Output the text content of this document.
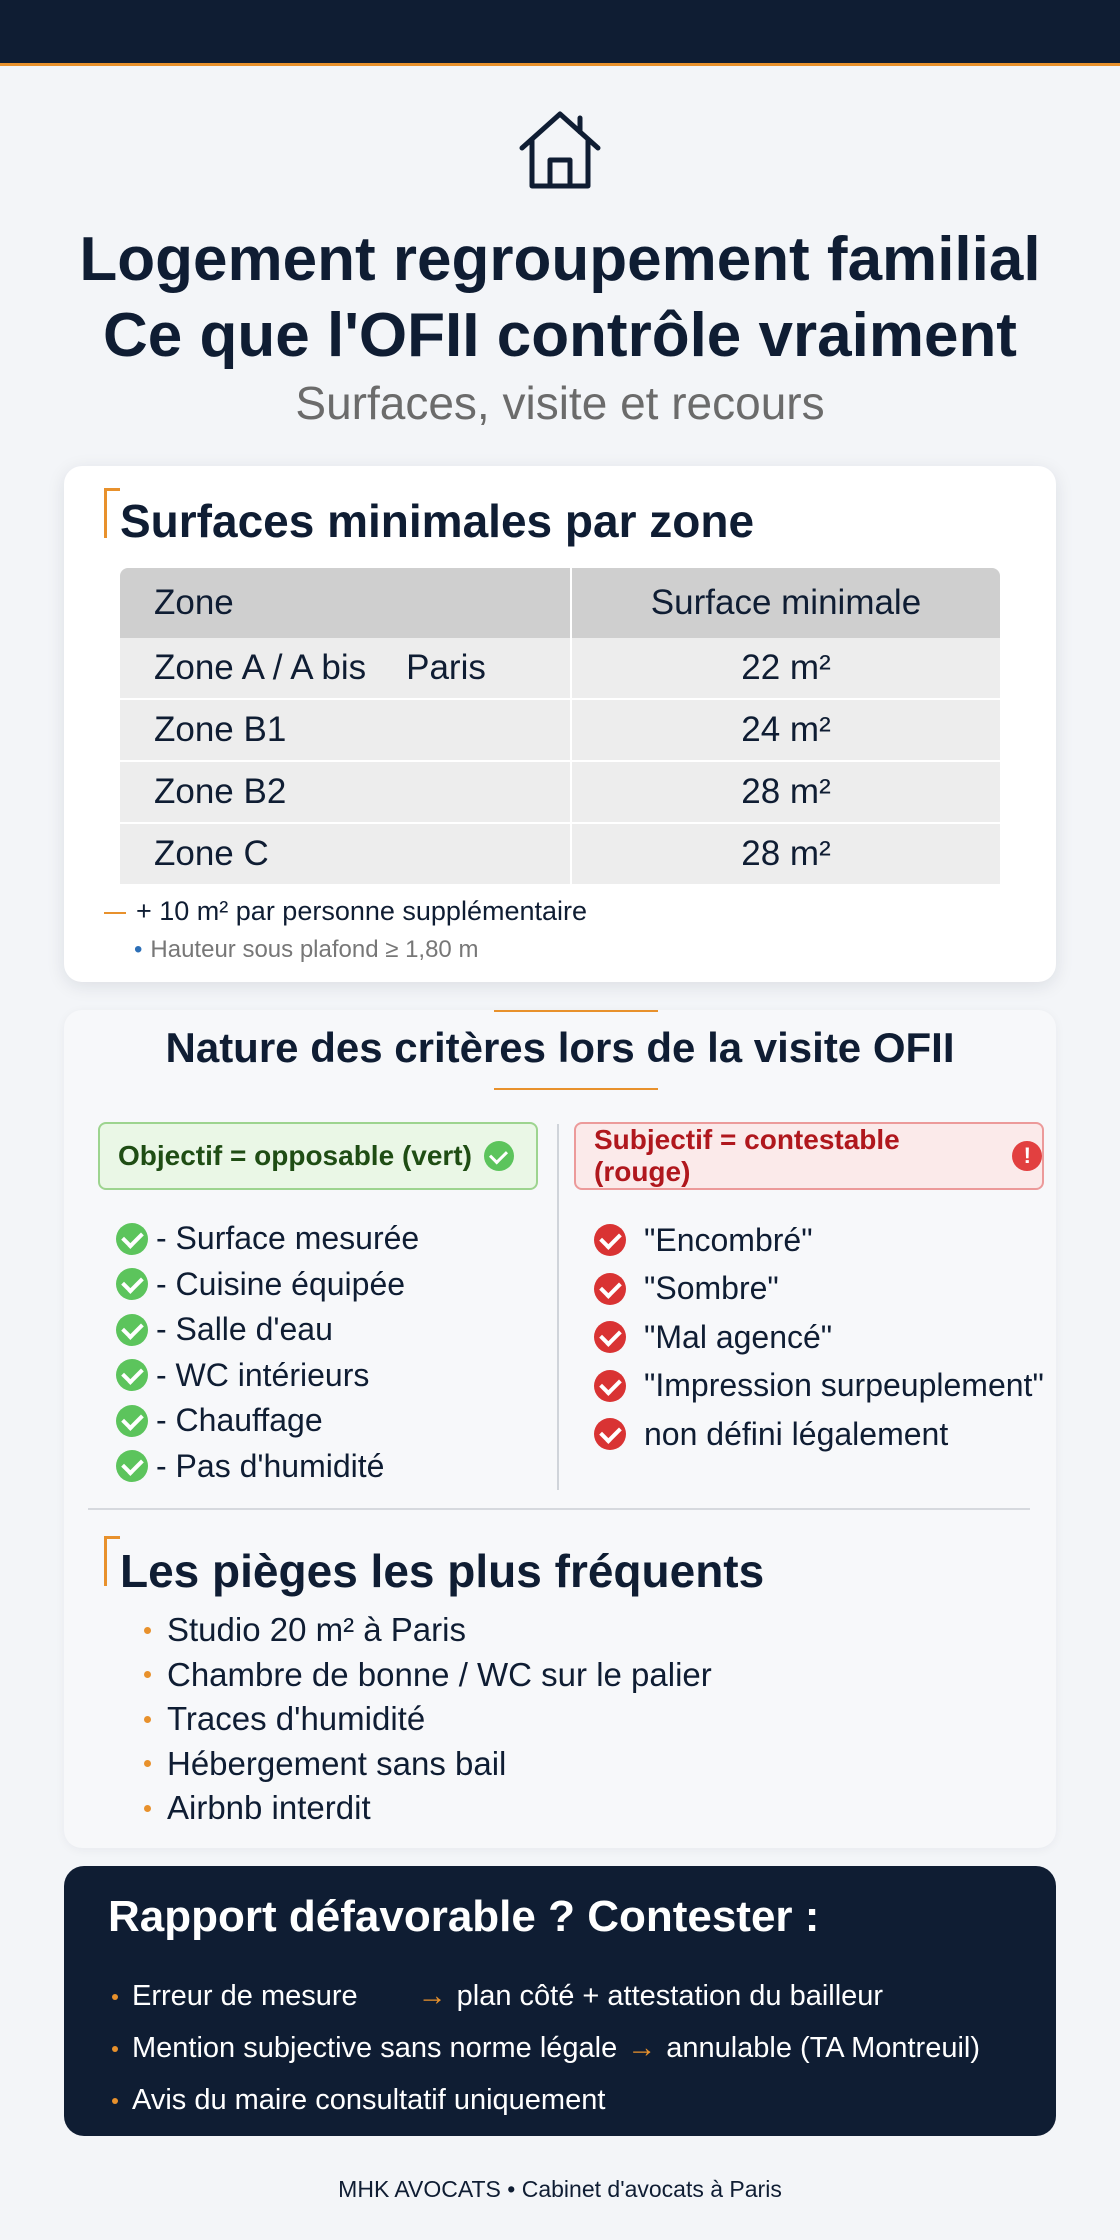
Logement regroupement familial
Ce que l'OFII contrôle vraiment
Surfaces, visite et recours
Surfaces minimales par zone
Zone	Surface minimale
Zone A / A bis Paris	22 m²
Zone B1	24 m²
Zone B2	28 m²
Zone C	28 m²
+ 10 m² par personne supplémentaire
• Hauteur sous plafond ≥ 1,80 m
Nature des critères lors de la visite OFII
Objectif = opposable (vert)
Subjectif = contestable (rouge)
!
- Surface mesurée
- Cuisine équipée
- Salle d'eau
- WC intérieurs
- Chauffage
- Pas d'humidité
"Encombré"
"Sombre"
"Mal agencé"
"Impression surpeuplement"
non défini légalement
Les pièges les plus fréquents
Studio 20 m² à Paris
Chambre de bonne / WC sur le palier
Traces d'humidité
Hébergement sans bail
Airbnb interdit
Rapport défavorable ? Contester :
Erreur de mesure → plan côté + attestation du bailleur
Mention subjective sans norme légale → annulable (TA Montreuil)
Avis du maire consultatif uniquement
MHK AVOCATS • Cabinet d'avocats à Paris
